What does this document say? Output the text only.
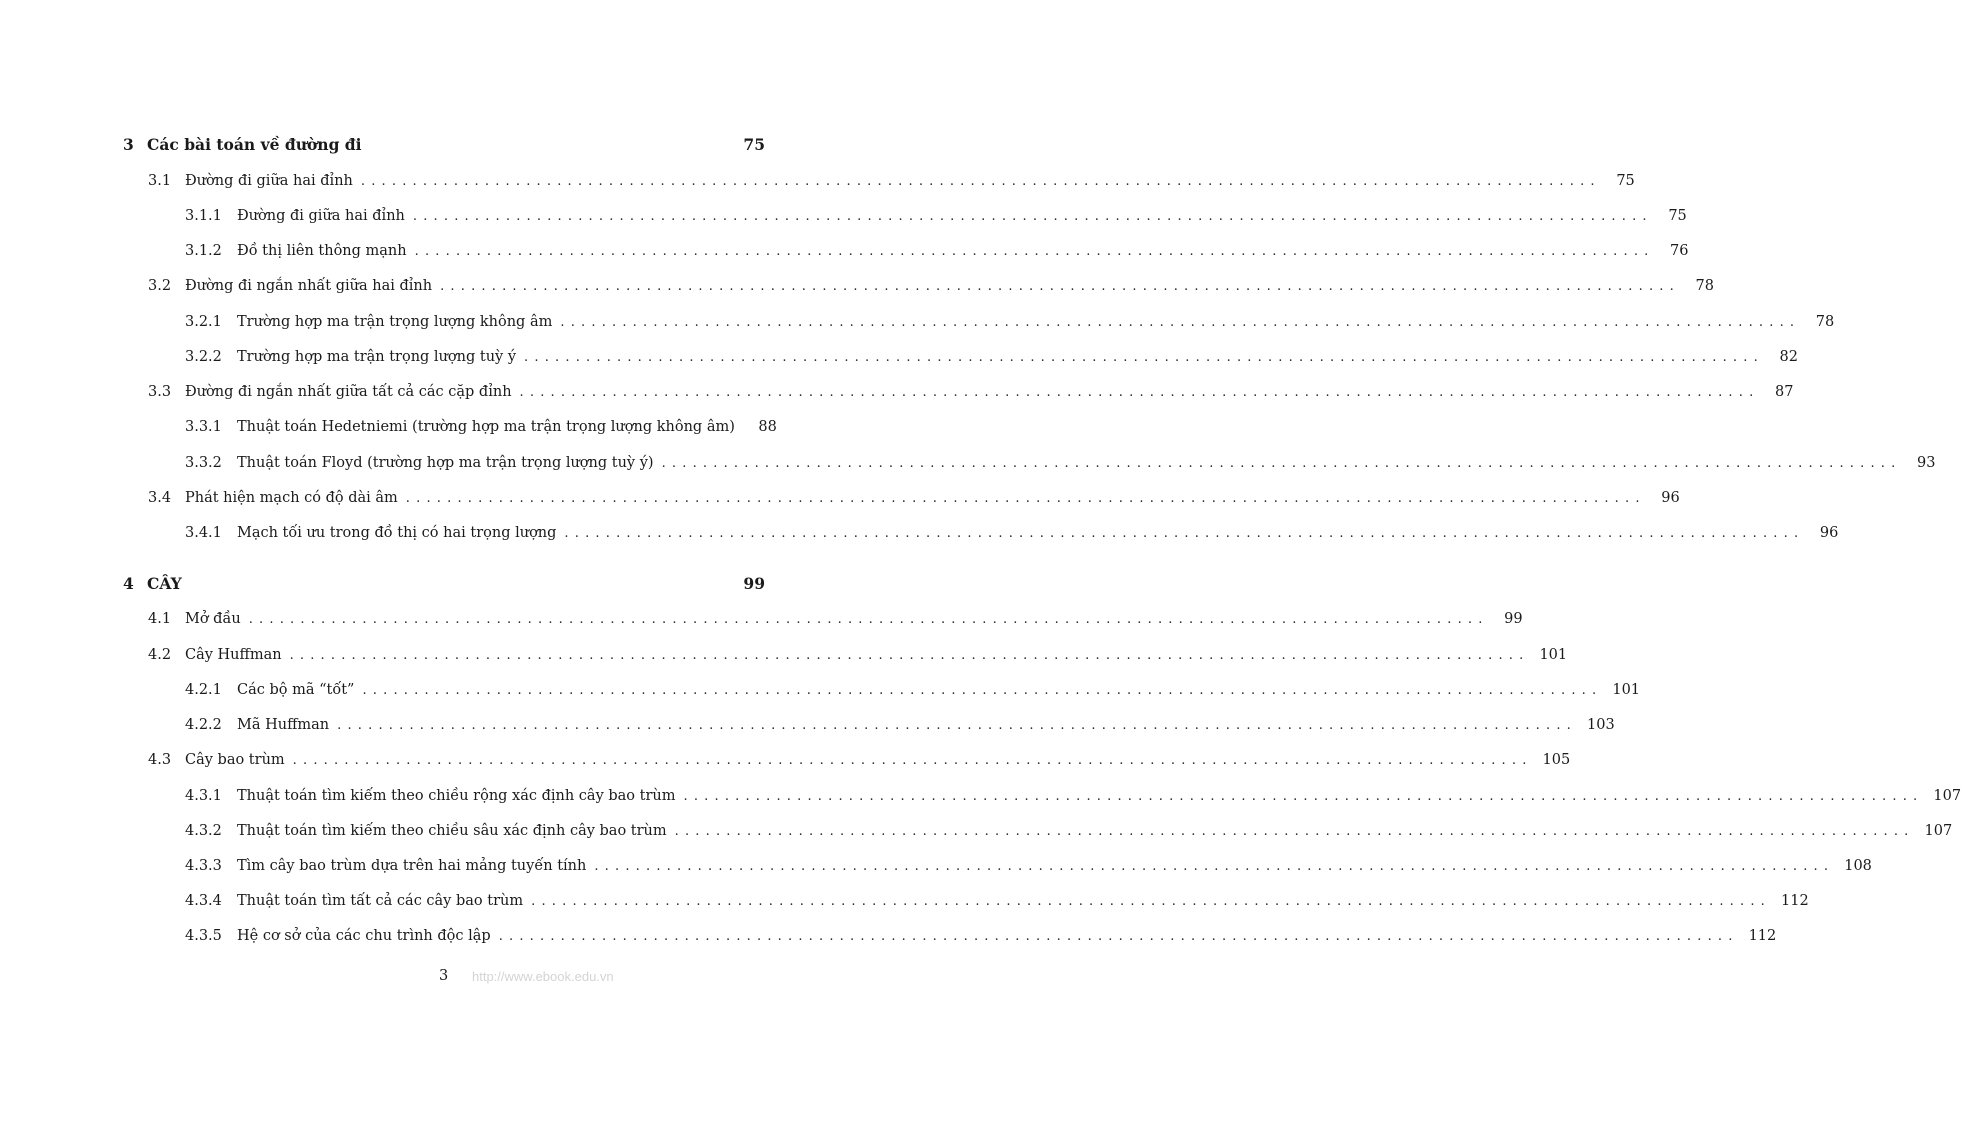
3 Các bài toán về đường đi	75
3.1 Đường đi giữa hai đỉnh ........................................................................................................................	75
3.1.1	Đường đi giữa hai đỉnh ........................................................................................................................	75
3.1.2	Đồ thị liên thông mạnh ........................................................................................................................	76
3.2 Đường đi ngắn nhất giữa hai đỉnh ........................................................................................................................	78
3.2.1	Trường hợp ma trận trọng lượng không âm ........................................................................................................................	78
3.2.2	Trường hợp ma trận trọng lượng tuỳ ý ........................................................................................................................	82
3.3 Đường đi ngắn nhất giữa tất cả các cặp đỉnh ........................................................................................................................	87
3.3.1	Thuật toán Hedetniemi (trường hợp ma trận trọng lượng không âm)	88
3.3.2	Thuật toán Floyd (trường hợp ma trận trọng lượng tuỳ ý) ........................................................................................................................	93
3.4 Phát hiện mạch có độ dài âm ........................................................................................................................	96
3.4.1	Mạch tối ưu trong đồ thị có hai trọng lượng ........................................................................................................................	96
4 CÂY	99
4.1 Mở đầu ........................................................................................................................	99
4.2 Cây Huffman ........................................................................................................................ 101
4.2.1	Các bộ mã “tốt” ........................................................................................................................ 101
4.2.2	Mã Huffman ........................................................................................................................ 103
4.3 Cây bao trùm ........................................................................................................................ 105
4.3.1	Thuật toán tìm kiếm theo chiều rộng xác định cây bao trùm ........................................................................................................................ 107
4.3.2	Thuật toán tìm kiếm theo chiều sâu xác định cây bao trùm ........................................................................................................................ 107
4.3.3	Tìm cây bao trùm dựa trên hai mảng tuyến tính ........................................................................................................................ 108
4.3.4	Thuật toán tìm tất cả các cây bao trùm ........................................................................................................................ 112
4.3.5	Hệ cơ sở của các chu trình độc lập ........................................................................................................................ 112
3 http://www.ebook.edu.vn
